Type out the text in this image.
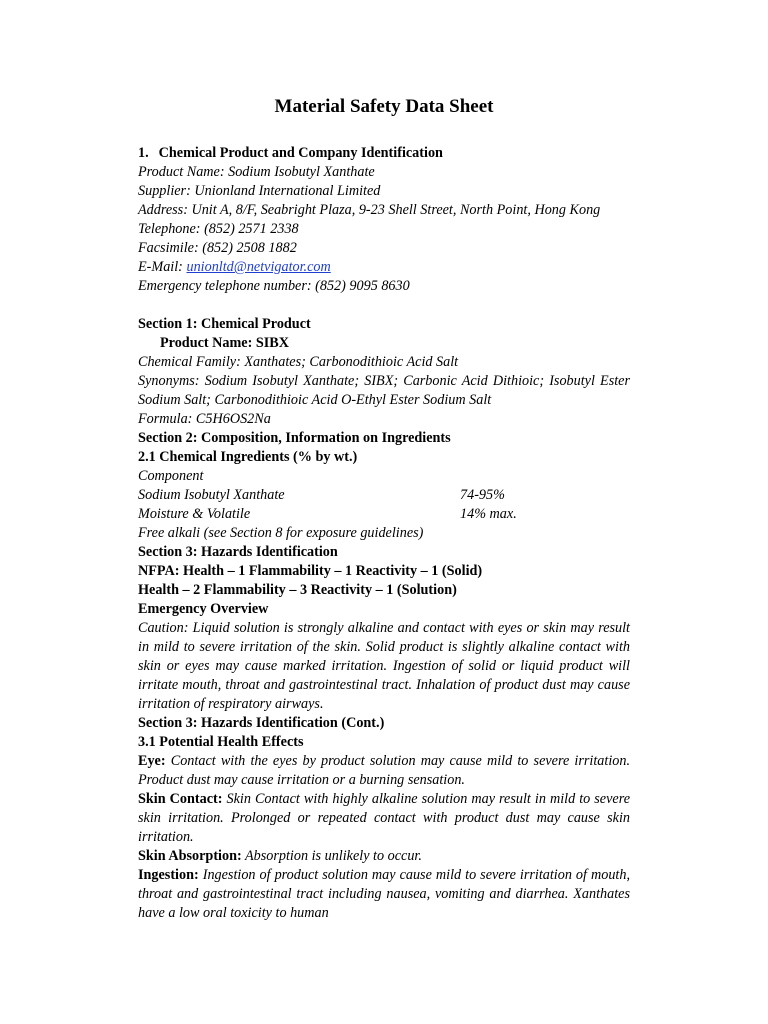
Material Safety Data Sheet
1. Chemical Product and Company Identification
Product Name: Sodium Isobutyl Xanthate
Supplier: Unionland International Limited
Address: Unit A, 8/F, Seabright Plaza, 9-23 Shell Street, North Point, Hong Kong
Telephone: (852) 2571 2338
Facsimile: (852) 2508 1882
E-Mail: unionltd@netvigator.com
Emergency telephone number: (852) 9095 8630
Section 1: Chemical Product
Product Name: SIBX
Chemical Family: Xanthates; Carbonodithioic Acid Salt
Synonyms: Sodium Isobutyl Xanthate; SIBX; Carbonic Acid Dithioic; Isobutyl Ester
Sodium Salt; Carbonodithioic Acid O-Ethyl Ester Sodium Salt
Formula: C5H6OS2Na
Section 2: Composition, Information on Ingredients
2.1 Chemical Ingredients (% by wt.)
Component
Sodium Isobutyl Xanthate	74-95%
Moisture & Volatile	14% max.
Free alkali (see Section 8 for exposure guidelines)
Section 3: Hazards Identification
NFPA: Health – 1 Flammability – 1 Reactivity – 1 (Solid)
Health – 2 Flammability – 3 Reactivity – 1 (Solution)
Emergency Overview
Caution: Liquid solution is strongly alkaline and contact with eyes or skin may result
in mild to severe irritation of the skin. Solid product is slightly alkaline contact with
skin or eyes may cause marked irritation. Ingestion of solid or liquid product will
irritate mouth, throat and gastrointestinal tract. Inhalation of product dust may cause
irritation of respiratory airways.
Section 3: Hazards Identification (Cont.)
3.1 Potential Health Effects
Eye: Contact with the eyes by product solution may cause mild to severe irritation.
Product dust may cause irritation or a burning sensation.
Skin Contact: Skin Contact with highly alkaline solution may result in mild to severe
skin irritation. Prolonged or repeated contact with product dust may cause skin
irritation.
Skin Absorption: Absorption is unlikely to occur.
Ingestion: Ingestion of product solution may cause mild to severe irritation of mouth,
throat and gastrointestinal tract including nausea, vomiting and diarrhea. Xanthates
have a low oral toxicity to human
